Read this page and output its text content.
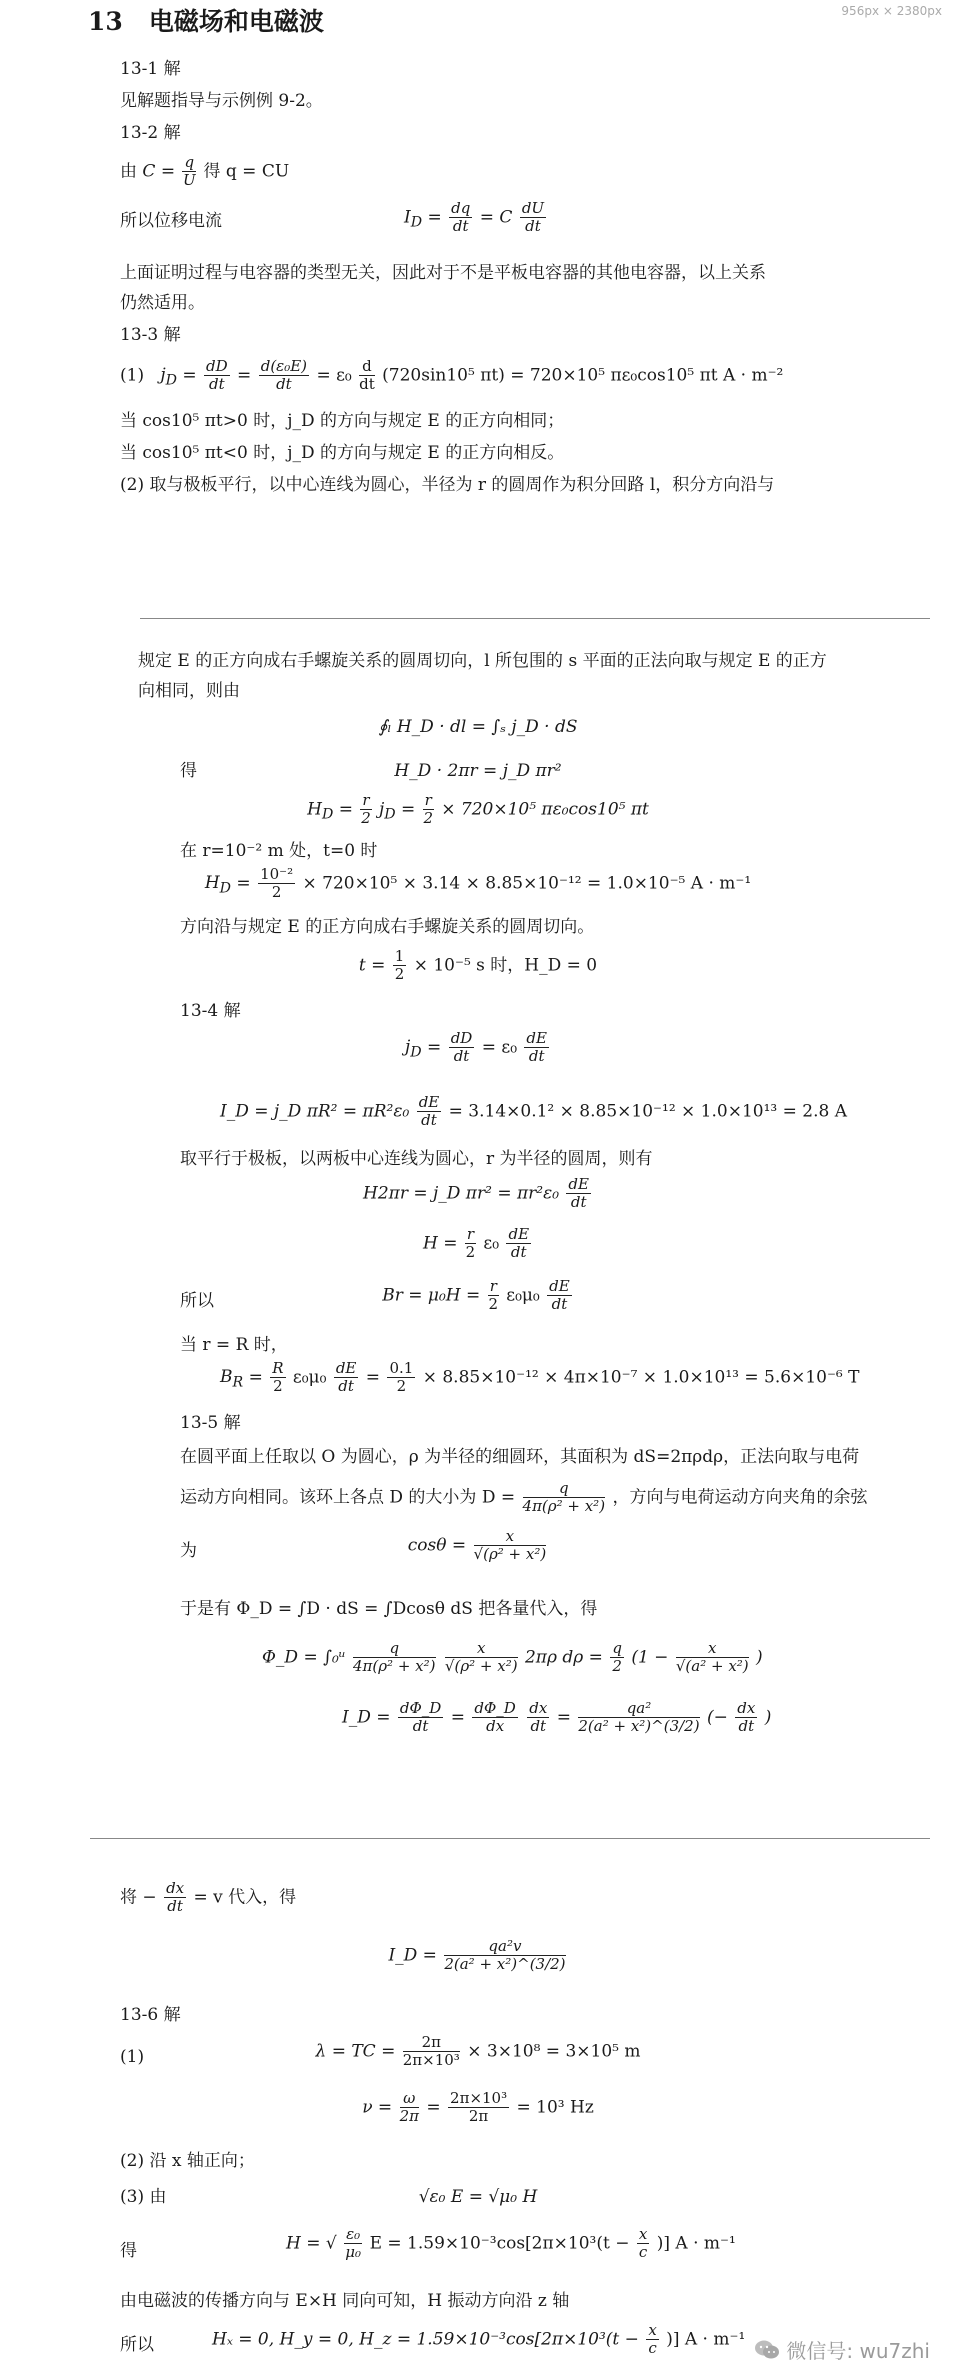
956px × 2380px
13 电磁场和电磁波
13-1 解
见解题指导与示例例 9-2。
13-2 解
由 $C = \frac{q}{U}$ 得 q = CU
所以位移电流	$I_D = \frac{dq}{dt} = C \frac{dU}{dt}$
上面证明过程与电容器的类型无关，因此对于不是平板电容器的其他电容器，以上关系
仍然适用。
13-3 解
(1) $j_D = \frac{dD}{dt} = \frac{\text{d(ε₀E)}}{dt} = \varepsilon_0 \frac{d}{dt} (720\sin 10^5$ πt) = 720×10⁵ πε₀cos10⁵ πt A · m⁻²
当 cos10⁵ πt>0 时，j_D 的方向与规定 E 的正方向相同；
当 cos10⁵ πt<0 时，j_D 的方向与规定 E 的正方向相反。
(2) 取与极板平行，以中心连线为圆心，半径为 r 的圆周作为积分回路 l，积分方向沿与
规定 E 的正方向成右手螺旋关系的圆周切向，l 所包围的 s 平面的正法向取与规定 E 的正方
向相同，则由
∮ₗ H_D · dl = ∫ₛ j_D · dS
得	H_D · 2πr = j_D πr²
$H_D = \frac{r}{2} j_D = \frac{r}{2} \times 720\times 10^5$ πε₀cos10⁵ πt
在 r=10⁻² m 处，t=0 时
$H_D = \frac{\text{10⁻²}}{2} \times 720\times 10^5 \times 3.14 \times 8.85\times 10^{-12} = 1.0\times 10^{-5}$ A · m⁻¹
方向沿与规定 E 的正方向成右手螺旋关系的圆周切向。
$t = \frac{1}{2} \times 10^{-5}$ s 时，H_D = 0
13-4 解
$j_D = \frac{dD}{dt} = \varepsilon_0 \frac{dE}{dt}$
I_D = j_D $\pi R^2 = \pi R^2\varepsilon_0 \frac{dE}{dt} = 3.14\times 0.1^2 \times 8.85\times 10^{-12} \times 1.0\times 10^{13} = 2.8$ A
取平行于极板，以两板中心连线为圆心，r 为半径的圆周，则有
H2πr = j_D $\pi r^2 = \pi r^2\varepsilon_0 \frac{dE}{dt}$
$H = \frac{r}{2} \varepsilon_0 \frac{dE}{dt}$
所以	$Br = \mu_0H = \frac{r}{2} \varepsilon_0\mu_0 \frac{dE}{dt}$
当 r = R 时，
$B_R = \frac{R}{2} \varepsilon_0\mu_0 \frac{dE}{dt} = \frac{0.1}{2} \times 8.85\times 10^{-12} \times 4\pi\times 10^{-7} \times 1.0\times 10^{13} = 5.6\times 10^{-6}$ T
13-5 解
在圆平面上任取以 O 为圆心，ρ 为半径的细圆环，其面积为 dS=2πρdρ，正法向取与电荷
运动方向相同。该环上各点 D 的大小为 $D = \frac{q}{\text{4π(ρ² + x²)}}$ ，方向与电荷运动方向夹角的余弦
为	$\cos\theta = \frac{x}{\text{√(ρ² + x²)}}$
于是有 Φ_D = ∫D · dS = ∫Dcosθ dS 把各量代入，得
Φ_D = ∫₀ᵘ $\frac{q}{\text{4π(ρ² + x²)}}$
$\frac{x}{\text{√(ρ² + x²)}} 2\pi\rho$ $d\rho = \frac{q}{2} (1 - \frac{x}{\text{√(a² + x²)}}$ )
I_D = $\frac{d\Phi\_D}{dt} = \frac{d\Phi\_D}{dx}$
$\frac{dx}{dt} = \frac{\text{qa²}}{\text{2(a² + x²)\textasciicircum{}(3/2)}}$ (− $\frac{dx}{dt}$ )
将 − $\frac{dx}{dt} = v$ 代入，得
I_D = $\frac{\text{qa²v}}{\text{2(a² + x²)\textasciicircum{}(3/2)}}$
13-6 解
(1)	λ = TC = $\frac{2\pi}{\text{2π×10³}} \times 3\times 10^8 = 3\times 10^5$ m
$\nu = \frac{\omega}{2\pi} = \frac{\text{2π×10³}}{2\pi} = 10^3$ Hz
(2) 沿 x 轴正向；
(3) 由	√ε₀ E = √μ₀ H
得	H = √ $\frac{\text{ε₀}}{\text{μ₀}}$ $E = 1.59\times 10^{-3}\cos[2\pi\times 10^3(t - \frac{x}{c}$ )] A · m⁻¹
由电磁波的传播方向与 E×H 同向可知，H 振动方向沿 z 轴
所以	Hₓ = 0, H_y = 0, H_z = $1.59\times 10^{-3}\cos[2\pi\times 10^3(t - \frac{x}{c}$ )] A · m⁻¹	微信号: wu7zhi
